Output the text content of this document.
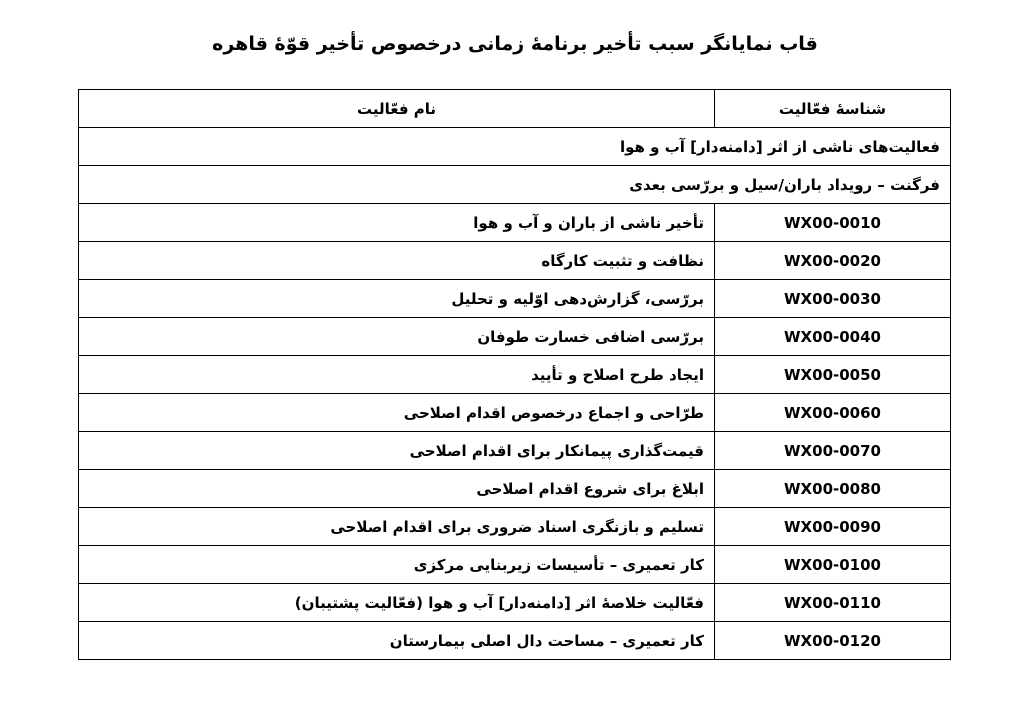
قاب نمایانگر سبب تأخیر برنامهٔ زمانی درخصوص تأخیر قوّهٔ قاهره
شناسهٔ فعّالیت	نام فعّالیت
فعالیت‌های ناشی از اثر [دامنه‌دار] آب و هوا	
فرگنت – رویداد باران/سیل و بررّسی بعدی	
WX00-0010	تأخیر ناشی از باران و آب و هوا
WX00-0020	نظافت و تثبیت کارگاه
WX00-0030	بررّسی، گزارش‌دهی اوّلیه و تحلیل
WX00-0040	بررّسی اضافی خسارت طوفان
WX00-0050	ایجاد طرح اصلاح و تأیید
WX00-0060	طرّاحی و اجماع درخصوص اقدام اصلاحی
WX00-0070	قیمت‌گذاری پیمانکار برای اقدام اصلاحی
WX00-0080	ابلاغ برای شروع اقدام اصلاحی
WX00-0090	تسلیم و بازنگری اسناد ضروری برای اقدام اصلاحی
WX00-0100	کار تعمیری – تأسیسات زیربنایی مرکزی
WX00-0110	فعّالیت خلاصهٔ اثر [دامنه‌دار] آب و هوا (فعّالیت پشتیبان)
WX00-0120	کار تعمیری – مساحت دال اصلی بیمارستان
